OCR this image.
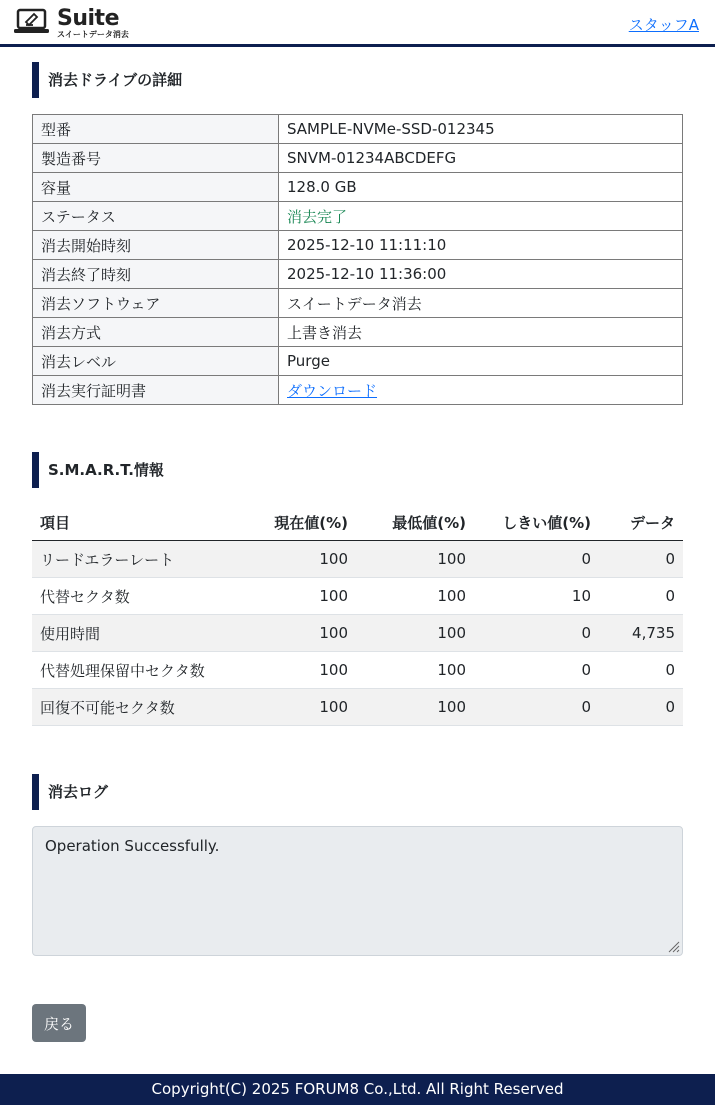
Suite
スイートデータ消去
スタッフA
消去ドライブの詳細
型番	SAMPLE-NVMe-SSD-012345
製造番号	SNVM-01234ABCDEFG
容量	128.0 GB
ステータス	消去完了
消去開始時刻	2025-12-10 11:11:10
消去終了時刻	2025-12-10 11:36:00
消去ソフトウェア	スイートデータ消去
消去方式	上書き消去
消去レベル	Purge
消去実行証明書	ダウンロード
S.M.A.R.T.情報
項目	現在値(%)	最低値(%)	しきい値(%)	データ
リードエラーレート	100	100	0	0
代替セクタ数	100	100	10	0
使用時間	100	100	0	4,735
代替処理保留中セクタ数	100	100	0	0
回復不可能セクタ数	100	100	0	0
消去ログ
Operation Successfully.
戻る
Copyright(C) 2025 FORUM8 Co.,Ltd. All Right Reserved
